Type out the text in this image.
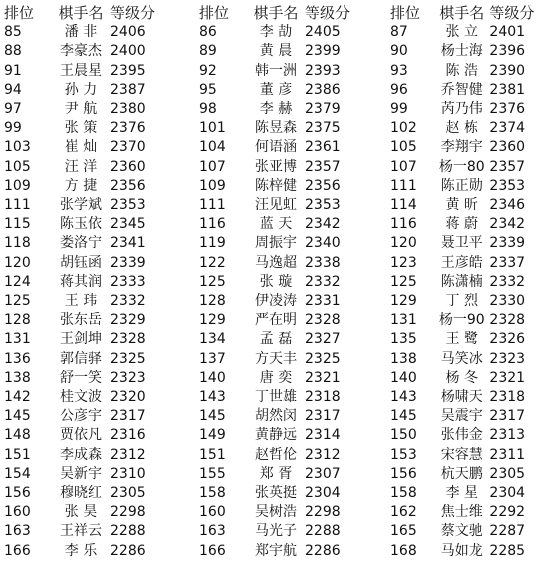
排位	棋手名	等级分
85	潘 非	2406
88	李豪杰	2400
91	王晨星	2395
94	孙 力	2387
97	尹 航	2380
99	张 策	2376
103	崔 灿	2370
105	汪 洋	2360
109	方 捷	2356
111	张学斌	2353
115	陈玉依	2345
118	娄洛宁	2341
120	胡钰函	2339
124	蒋其润	2333
125	王 玮	2332
128	张东岳	2329
131	王剑坤	2328
136	郭信驿	2325
138	舒一笑	2323
142	桂文波	2320
145	公彦宇	2317
148	贾依凡	2316
151	李成森	2312
154	吴新宇	2310
156	穆晓红	2305
160	张 昊	2298
163	王祥云	2288
166	李 乐	2286
排位	棋手名	等级分
86	李 劼	2405
89	黄 晨	2399
92	韩一洲	2393
95	董 彦	2386
98	李 赫	2379
101	陈昱森	2375
104	何语涵	2361
107	张亚博	2357
109	陈梓健	2356
111	汪见虹	2353
116	蓝 天	2342
119	周振宇	2340
122	马逸超	2338
125	张 璇	2332
128	伊凌涛	2331
129	严在明	2328
134	孟 磊	2327
137	方天丰	2325
140	唐 奕	2321
143	丁世雄	2318
145	胡然闵	2317
149	黄静远	2314
151	赵哲伦	2312
155	郑 胥	2307
158	张英挺	2304
160	吴树浩	2298
163	马光子	2288
166	郑宇航	2286
排位	棋手名	等级分
87	张 立	2401
90	杨士海	2396
93	陈 浩	2390
96	乔智健	2381
99	芮乃伟	2376
102	赵 栋	2374
105	李翔宇	2360
107	杨一80	2357
111	陈正勋	2353
114	黄 昕	2346
116	蒋 蔚	2342
120	聂卫平	2339
123	王彦皓	2337
125	陈潇楠	2332
129	丁 烈	2330
131	杨一90	2328
135	王 鹭	2326
138	马笑冰	2323
140	杨 冬	2321
143	杨啸天	2318
145	吴震宇	2317
150	张伟金	2313
153	宋容慧	2311
156	杭天鹏	2305
158	李 星	2304
162	焦士维	2292
165	蔡文驰	2287
168	马如龙	2285
